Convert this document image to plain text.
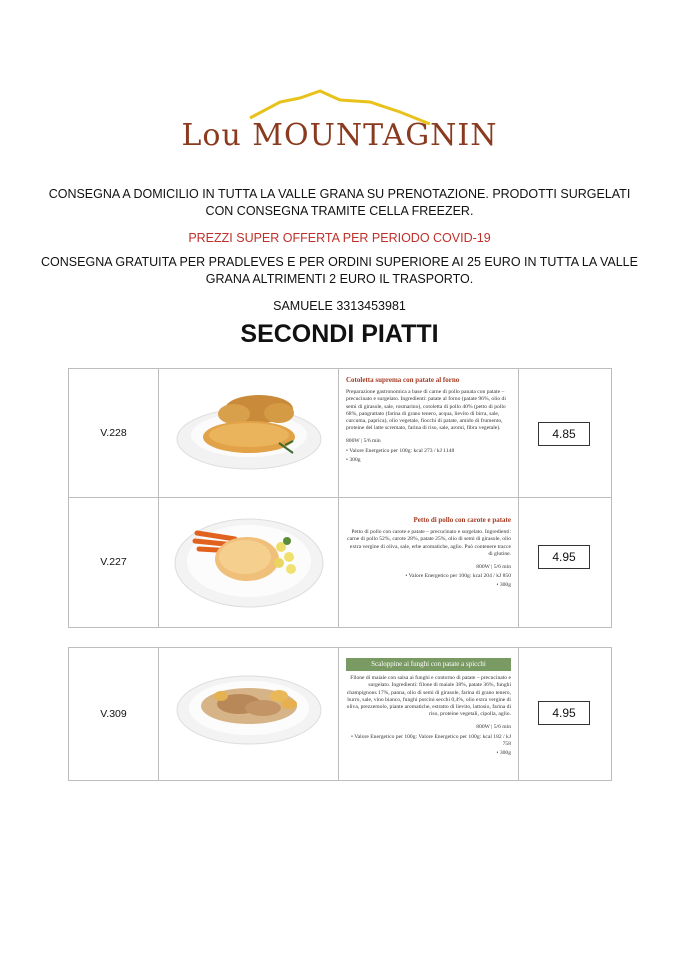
Lou MOUNTAGNIN
CONSEGNA A DOMICILIO IN TUTTA LA VALLE GRANA SU PRENOTAZIONE. PRODOTTI SURGELATI CON CONSEGNA TRAMITE CELLA FREEZER.
PREZZI SUPER OFFERTA PER PERIODO COVID-19
CONSEGNA GRATUITA PER PRADLEVES E PER ORDINI SUPERIORE AI 25 EURO IN TUTTA LA VALLE GRANA ALTRIMENTI 2 EURO IL TRASPORTO.
SAMUELE 3313453981
SECONDI PIATTI
V.228
Cotoletta suprema con patate al forno

Preparazione gastronomica a base di carne di pollo panata con patate – precucinato e surgelato. Ingredienti: patate al forno (patate 96%, olio di semi di girasole, sale, rosmarino), cotoletta di pollo 40% (petto di pollo 68%, pangrattato (farina di grano tenero, acqua, lievito di birra, sale, curcuma, paprica), olio vegetale, fiocchi di patate, amido di frumento, proteine del latte scremato, farina di riso, sale, aromi, fibra vegetale).

800W | 5/6 min

• Valore Energetico per 100g: kcal 273 / kJ 1148

• 300g

4.85
V.227
Petto di pollo con carote e patate

Petto di pollo con carote e patate – precucinato e surgelato. Ingredienti: carne di pollo 52%, carote 28%, patate 25%, olio di semi di girasole, olio extra vergine di oliva, sale, erbe aromatiche, aglio. Può contenere tracce di glutine.

800W | 5/6 min

• Valore Energetico per 100g: kcal 204 / kJ 850

• 300g

4.95
V.309
Scaloppine ai funghi con patate a spicchi

Filone di maiale con salsa ai funghi e contorno di patate – precucinato e surgelato. Ingredienti: filone di maiale 38%, patate 36%, funghi champignons 17%, panna, olio di semi di girasole, farina di grano tenero, burro, sale, vino bianco, funghi porcini secchi 0,4%, olio extra vergine di oliva, prezzemolo, piante aromatiche, estratto di lievito, lattosio, farina di riso, proteine vegetali, cipolla, aglio.

800W | 5/6 min

• Valore Energetico per 100g: Valore Energetico per 100g: kcal 182 / kJ 758

• 300g

4.95
